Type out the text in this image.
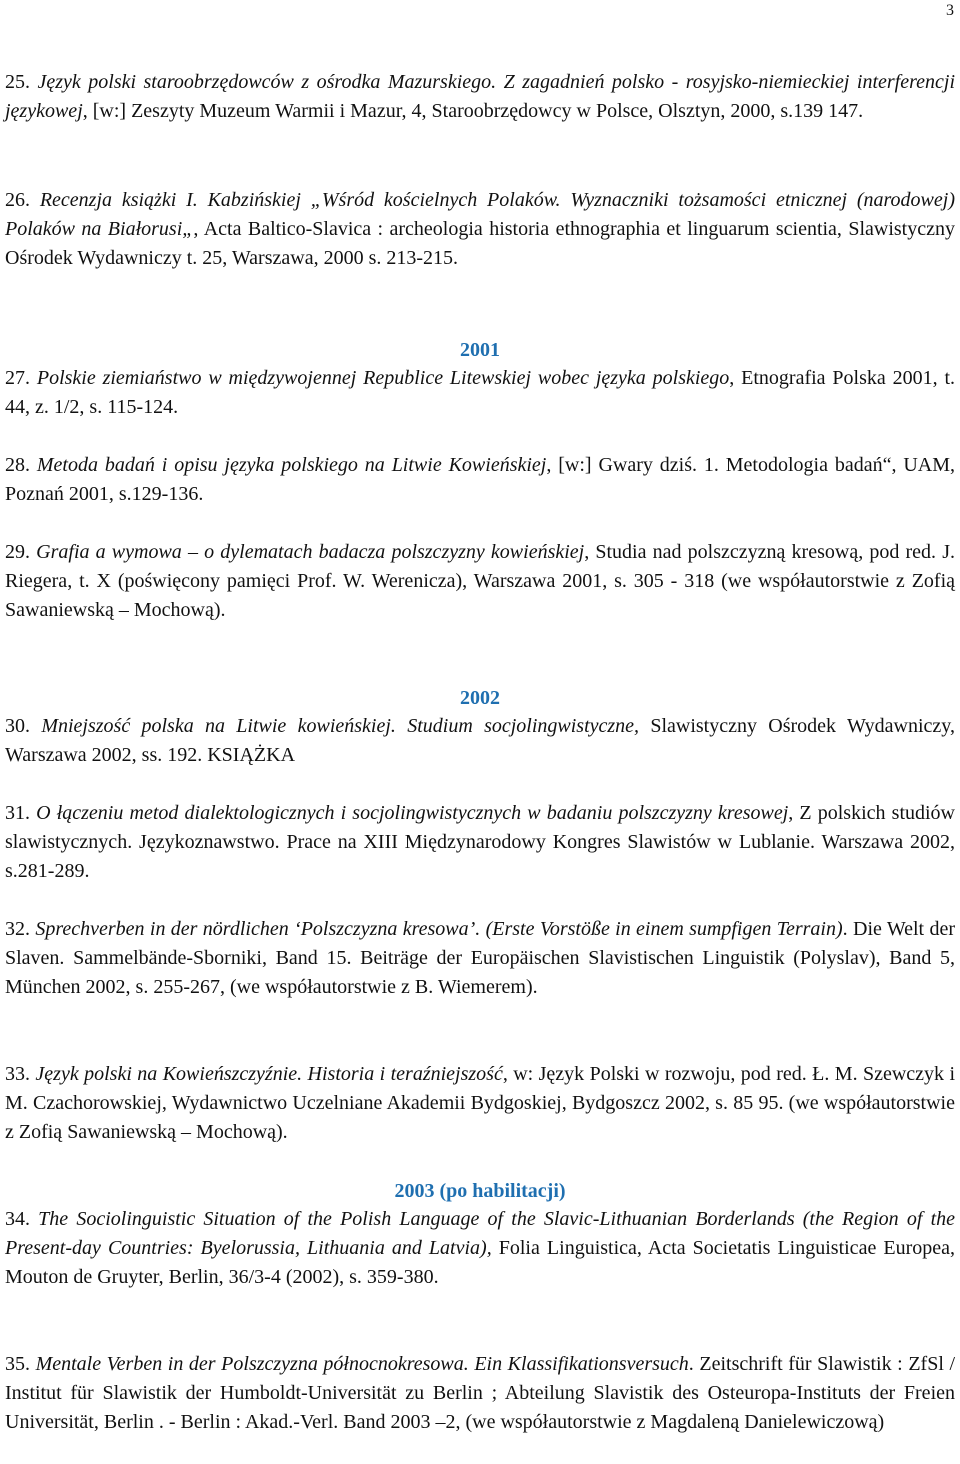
3

25. Język polski staroobrzędowców z ośrodka Mazurskiego. Z zagadnień polsko - rosyjsko-niemieckiej interferencji językowej, [w:] Zeszyty Muzeum Warmii i Mazur, 4, Staroobrzędowcy w Polsce, Olsztyn, 2000, s.139 147.

26. Recenzja książki I. Kabzińskiej „Wśród kościelnych Polaków. Wyznaczniki tożsamości etnicznej (narodowej) Polaków na Białorusi„, Acta Baltico-Slavica : archeologia historia ethnographia et linguarum scientia, Slawistyczny Ośrodek Wydawniczy t. 25, Warszawa, 2000 s. 213-215.

2001

27. Polskie ziemiaństwo w międzywojennej Republice Litewskiej wobec języka polskiego, Etnografia Polska 2001, t. 44, z. 1/2, s. 115-124.

28. Metoda badań i opisu języka polskiego na Litwie Kowieńskiej, [w:] Gwary dziś. 1. Metodologia badań“, UAM, Poznań 2001, s.129-136.

29. Grafia a wymowa – o dylematach badacza polszczyzny kowieńskiej, Studia nad polszczyzną kresową, pod red. J. Riegera, t. X (poświęcony pamięci Prof. W. Werenicza), Warszawa 2001, s. 305 - 318 (we współautorstwie z Zofią Sawaniewską – Mochową).

2002

30. Mniejszość polska na Litwie kowieńskiej. Studium socjolingwistyczne, Slawistyczny Ośrodek Wydawniczy, Warszawa 2002, ss. 192. KSIĄŻKA

31. O łączeniu metod dialektologicznych i socjolingwistycznych w badaniu polszczyzny kresowej, Z polskich studiów slawistycznych. Językoznawstwo. Prace na XIII Międzynarodowy Kongres Slawistów w Lublanie. Warszawa 2002, s.281-289.

32. Sprechverben in der nördlichen ‘Polszczyzna kresowa’. (Erste Vorstöße in einem sumpfigen Terrain). Die Welt der Slaven. Sammelbände-Sborniki, Band 15. Beiträge der Europäischen Slavistischen Linguistik (Polyslav), Band 5, München 2002, s. 255-267, (we współautorstwie z B. Wiemerem).

33. Język polski na Kowieńszczyźnie. Historia i teraźniejszość, w: Język Polski w rozwoju, pod red. Ł. M. Szewczyk i M. Czachorowskiej, Wydawnictwo Uczelniane Akademii Bydgoskiej, Bydgoszcz 2002, s. 85 95. (we współautorstwie z Zofią Sawaniewską – Mochową).

2003 (po habilitacji)

34. The Sociolinguistic Situation of the Polish Language of the Slavic-Lithuanian Borderlands (the Region of the Present-day Countries: Byelorussia, Lithuania and Latvia), Folia Linguistica, Acta Societatis Linguisticae Europea, Mouton de Gruyter, Berlin, 36/3-4 (2002), s. 359-380.

35. Mentale Verben in der Polszczyzna północnokresowa. Ein Klassifikationsversuch. Zeitschrift für Slawistik : ZfSl / Institut für Slawistik der Humboldt-Universität zu Berlin ; Abteilung Slavistik des Osteuropa-Instituts der Freien Universität, Berlin . - Berlin : Akad.-Verl. Band 2003 –2, (we współautorstwie z Magdaleną Danielewiczową)
